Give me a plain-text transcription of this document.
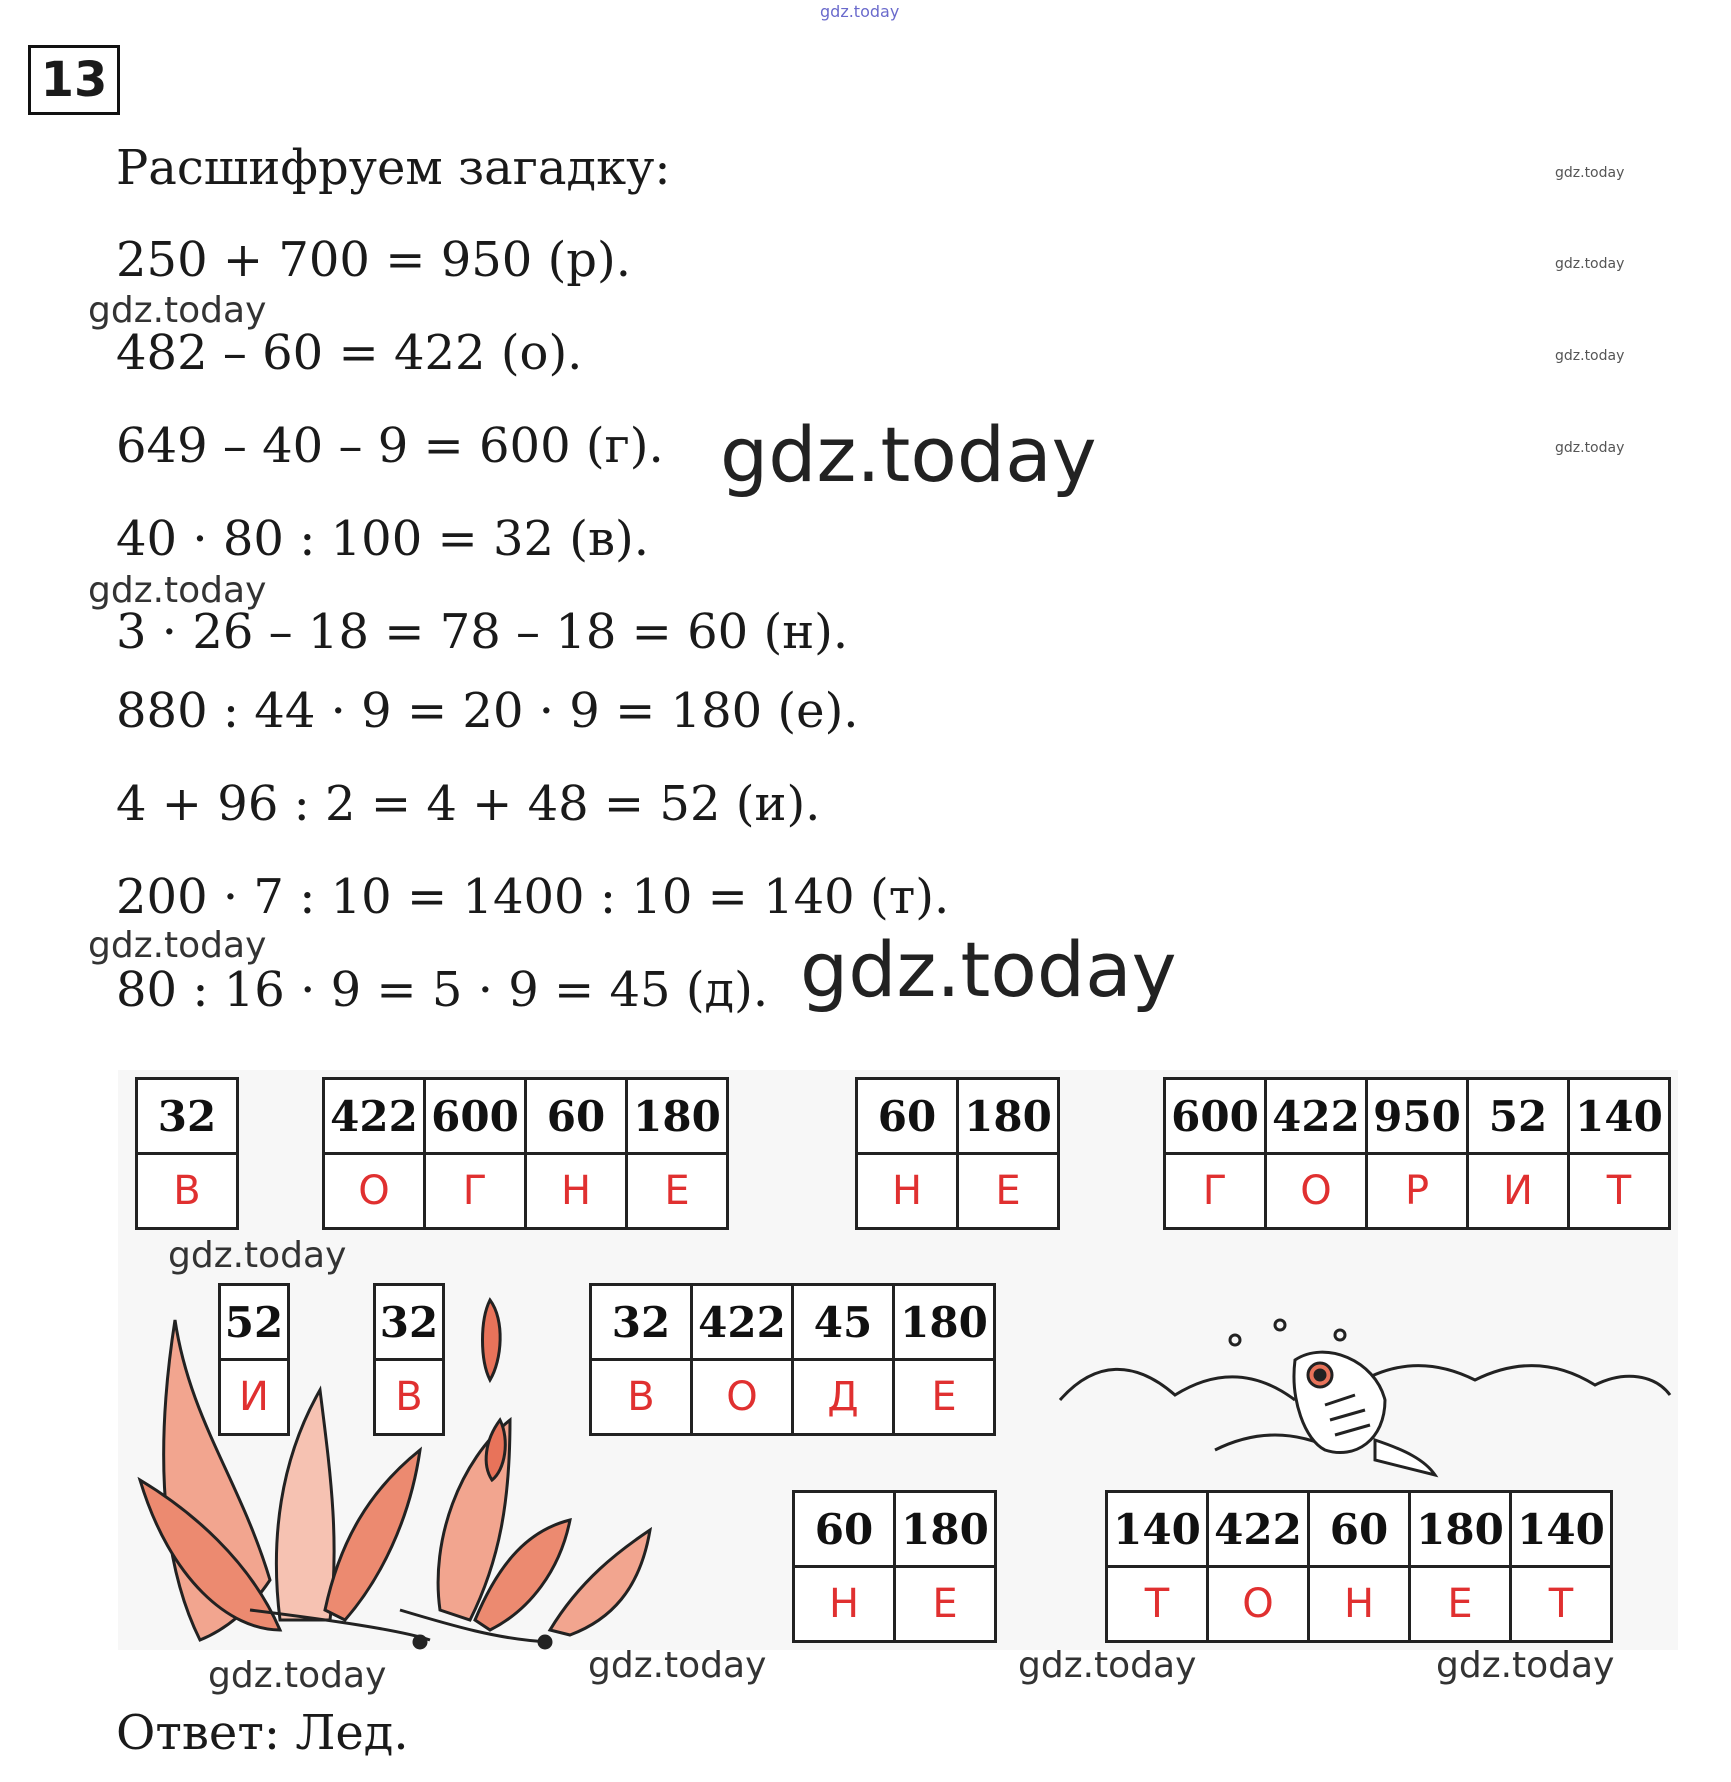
13
Расшифруем загадку:
250 + 700 = 950 (р).
482 – 60 = 422 (о).
649 – 40 – 9 = 600 (г).
40 · 80 : 100 = 32 (в).
3 · 26 – 18 = 78 – 18 = 60 (н).
880 : 44 · 9 = 20 · 9 = 180 (е).
4 + 96 : 2 = 4 + 48 = 52 (и).
200 · 7 : 10 = 1400 : 10 = 140 (т).
80 : 16 · 9 = 5 · 9 = 45 (д).
32
В
422	600	60	180
О	Г	Н	Е
60	180
Н	Е
600	422	950	52	140
Г	О	Р	И	Т
52
И
32
В
32	422	45	180
В	О	Д	Е
60	180
Н	Е
140	422	60	180	140
Т	О	Н	Е	Т
Ответ: Лед.
gdz.today
gdz.today
gdz.today
gdz.today
gdz.today
gdz.today
gdz.today
gdz.today
gdz.today	gdz.today
gdz.today
gdz.today	gdz.today	gdz.today	gdz.today
